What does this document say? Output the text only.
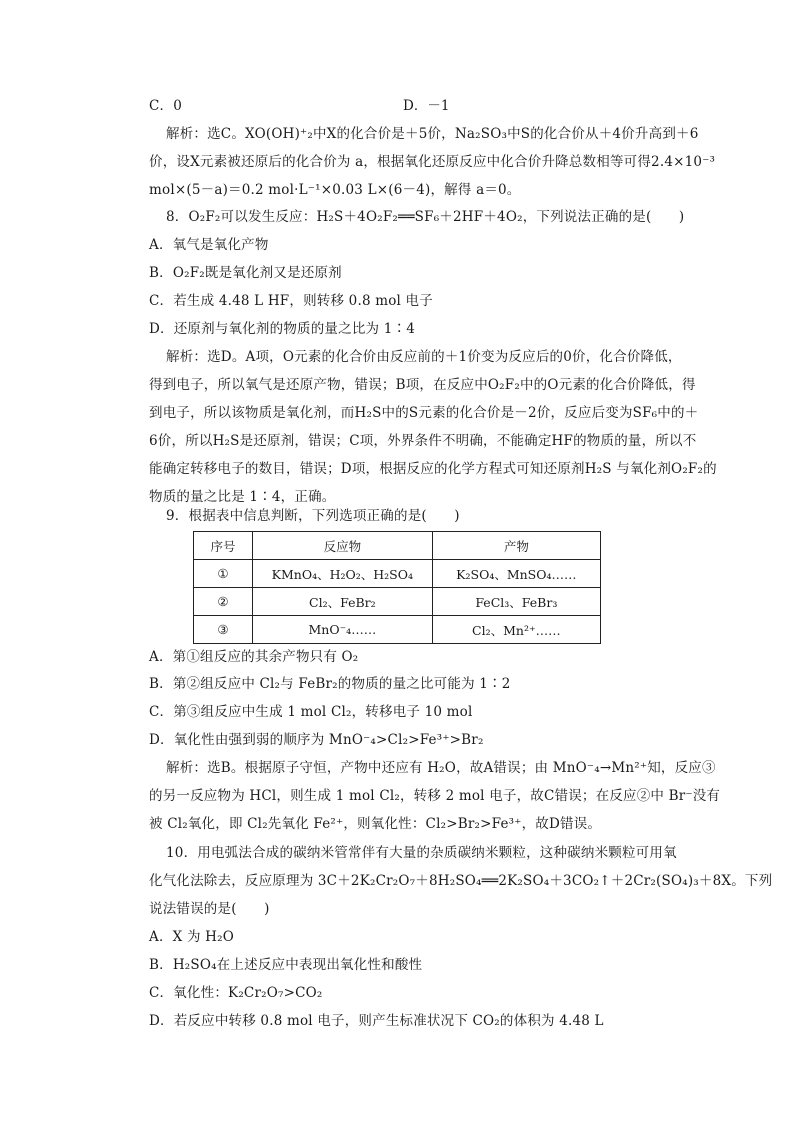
C．0	D．－1
解析：选C。XO(OH)⁺₂中X的化合价是＋5价，Na₂SO₃中S的化合价从＋4价升高到＋6
价，设X元素被还原后的化合价为 a，根据氧化还原反应中化合价升降总数相等可得2.4×10⁻³
mol×(5－a)＝0.2 mol·L⁻¹×0.03 L×(6－4)，解得 a＝0。
8．O₂F₂可以发生反应：H₂S＋4O₂F₂══SF₆＋2HF＋4O₂，下列说法正确的是(　　)
A．氧气是氧化产物
B．O₂F₂既是氧化剂又是还原剂
C．若生成 4.48 L HF，则转移 0.8 mol 电子
D．还原剂与氧化剂的物质的量之比为 1∶4
解析：选D。A项，O元素的化合价由反应前的＋1价变为反应后的0价，化合价降低，
得到电子，所以氧气是还原产物，错误；B项，在反应中O₂F₂中的O元素的化合价降低，得
到电子，所以该物质是氧化剂，而H₂S中的S元素的化合价是－2价，反应后变为SF₆中的＋
6价，所以H₂S是还原剂，错误；C项，外界条件不明确，不能确定HF的物质的量，所以不
能确定转移电子的数目，错误；D项，根据反应的化学方程式可知还原剂H₂S 与氧化剂O₂F₂的
物质的量之比是 1∶4，正确。
9．根据表中信息判断，下列选项正确的是(　　)
序号	反应物	产物
①	KMnO₄、H₂O₂、H₂SO₄	K₂SO₄、MnSO₄……
②	Cl₂、FeBr₂	FeCl₃、FeBr₃
③	MnO⁻₄……	Cl₂、Mn²⁺……
A．第①组反应的其余产物只有 O₂
B．第②组反应中 Cl₂与 FeBr₂的物质的量之比可能为 1∶2
C．第③组反应中生成 1 mol Cl₂，转移电子 10 mol
D．氧化性由强到弱的顺序为 MnO⁻₄>Cl₂>Fe³⁺>Br₂
解析：选B。根据原子守恒，产物中还应有 H₂O，故A错误；由 MnO⁻₄→Mn²⁺知，反应③
的另一反应物为 HCl，则生成 1 mol Cl₂，转移 2 mol 电子，故C错误；在反应②中 Br⁻没有
被 Cl₂氧化，即 Cl₂先氧化 Fe²⁺，则氧化性：Cl₂>Br₂>Fe³⁺，故D错误。
10．用电弧法合成的碳纳米管常伴有大量的杂质碳纳米颗粒，这种碳纳米颗粒可用氧
化气化法除去，反应原理为 3C＋2K₂Cr₂O₇＋8H₂SO₄══2K₂SO₄＋3CO₂↑＋2Cr₂(SO₄)₃＋8X。下列
说法错误的是(　　)
A．X 为 H₂O
B．H₂SO₄在上述反应中表现出氧化性和酸性
C．氧化性：K₂Cr₂O₇>CO₂
D．若反应中转移 0.8 mol 电子，则产生标准状况下 CO₂的体积为 4.48 L
